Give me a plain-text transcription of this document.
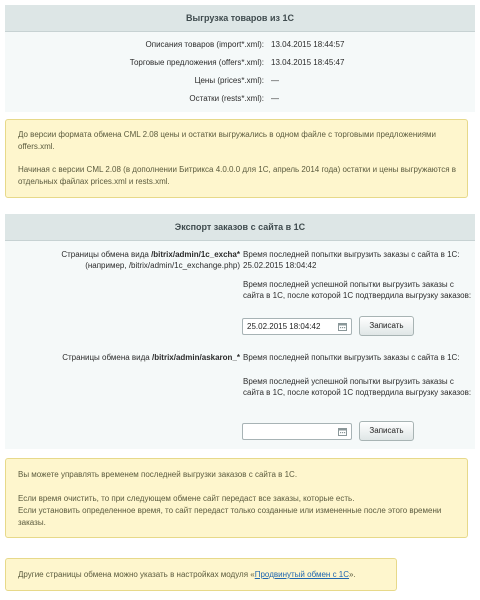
Выгрузка товаров из 1С
Описания товаров (import*.xml): 13.04.2015 18:44:57
Торговые предложения (offers*.xml): 13.04.2015 18:45:47
Цены (prices*.xml): —
Остатки (rests*.xml): —

До версии формата обмена CML 2.08 цены и остатки выгружались в одном файле с торговыми предложениями offers.xml.

Начиная с версии CML 2.08 (в дополнении Битрикса 4.0.0.0 для 1С, апрель 2014 года) остатки и цены выгружаются в отдельных файлах prices.xml и rests.xml.

Экспорт заказов с сайта в 1С
Страницы обмена вида /bitrix/admin/1c_excha*
(например, /bitrix/admin/1c_exchange.php)
Время последней попытки выгрузить заказы с сайта в 1С: 25.02.2015 18:04:42
Время последней успешной попытки выгрузить заказы с сайта в 1С, после которой 1С подтвердила выгрузку заказов:
25.02.2015 18:04:42	Записать
Страницы обмена вида /bitrix/admin/askaron_* Время последней попытки выгрузить заказы с сайта в 1С:
Время последней успешной попытки выгрузить заказы с сайта в 1С, после которой 1С подтвердила выгрузку заказов:
Записать

Вы можете управлять временем последней выгрузки заказов с сайта в 1С.

Если время очистить, то при следующем обмене сайт передаст все заказы, которые есть.

Если установить определенное время, то сайт передаст только созданные или измененные после этого времени заказы.

Другие страницы обмена можно указать в настройках модуля «Продвинутый обмен с 1С».
